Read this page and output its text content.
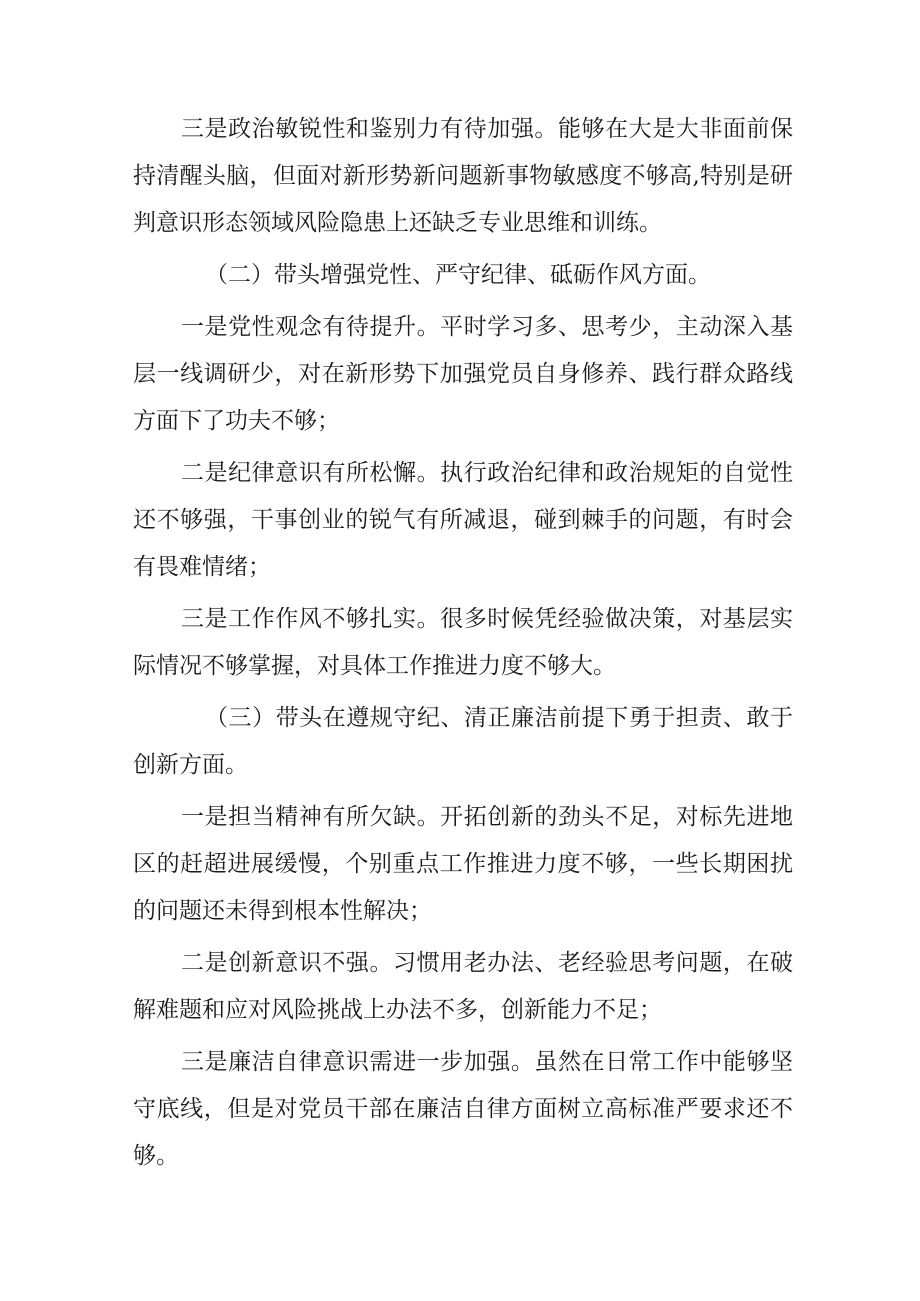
三是政治敏锐性和鉴别力有待加强。能够在大是大非面前保持清醒头脑，但面对新形势新问题新事物敏感度不够高,特别是研判意识形态领域风险隐患上还缺乏专业思维和训练。

（二）带头增强党性、严守纪律、砥砺作风方面。

一是党性观念有待提升。平时学习多、思考少，主动深入基层一线调研少，对在新形势下加强党员自身修养、践行群众路线方面下了功夫不够；

二是纪律意识有所松懈。执行政治纪律和政治规矩的自觉性还不够强，干事创业的锐气有所减退，碰到棘手的问题，有时会有畏难情绪；

三是工作作风不够扎实。很多时候凭经验做决策，对基层实际情况不够掌握，对具体工作推进力度不够大。

（三）带头在遵规守纪、清正廉洁前提下勇于担责、敢于创新方面。

一是担当精神有所欠缺。开拓创新的劲头不足，对标先进地区的赶超进展缓慢，个别重点工作推进力度不够，一些长期困扰的问题还未得到根本性解决；

二是创新意识不强。习惯用老办法、老经验思考问题，在破解难题和应对风险挑战上办法不多，创新能力不足；

三是廉洁自律意识需进一步加强。虽然在日常工作中能够坚守底线，但是对党员干部在廉洁自律方面树立高标准严要求还不够。
